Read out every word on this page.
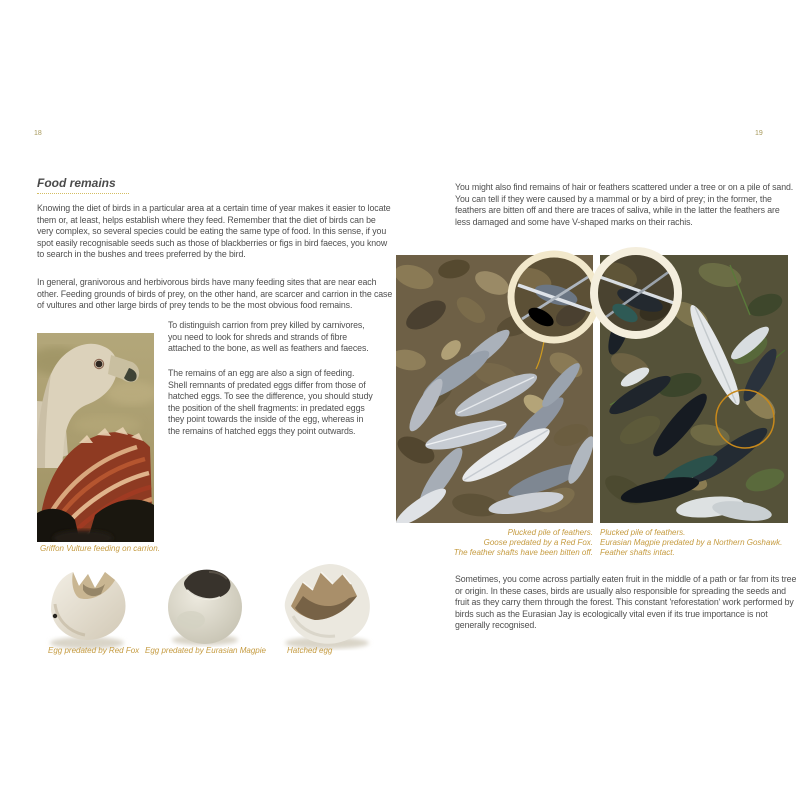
18
Food remains
Knowing the diet of birds in a particular area at a certain time of year makes it easier to locate them or, at least, helps establish where they feed. Remember that the diet of birds can be very complex, so several species could be eating the same type of food. In this sense, if you spot easily recognisable seeds such as those of blackberries or figs in bird faeces, you know to search in the bushes and trees preferred by the bird.
In general, granivorous and herbivorous birds have many feeding sites that are near each other. Feeding grounds of birds of prey, on the other hand, are scarcer and carrion in the case of vultures and other large birds of prey tends to be the most obvious food remains.
Griffon Vulture feeding on carrion.
To distinguish carrion from prey killed by carnivores, you need to look for shreds and strands of fibre attached to the bone, as well as feathers and faeces.
The remains of an egg are also a sign of feeding. Shell remnants of predated eggs differ from those of hatched eggs. To see the difference, you should study the position of the shell fragments: in predated eggs they point towards the inside of the egg, whereas in the remains of hatched eggs they point outwards.
Egg predated by Red Fox Egg predated by Eurasian Magpie	Hatched egg
19
You might also find remains of hair or feathers scattered under a tree or on a pile of sand. You can tell if they were caused by a mammal or by a bird of prey; in the former, the feathers are bitten off and there are traces of saliva, while in the latter the feathers are less damaged and some have V-shaped marks on their rachis.
Plucked pile of feathers.
Goose predated by a Red Fox.
The feather shafts have been bitten off.
Plucked pile of feathers.
Eurasian Magpie predated by a Northern Goshawk.
Feather shafts intact.
Sometimes, you come across partially eaten fruit in the middle of a path or far from its tree or origin. In these cases, birds are usually also responsible for spreading the seeds and fruit as they carry them through the forest. This constant 'reforestation' work performed by birds such as the Eurasian Jay is ecologically vital even if its true importance is not generally recognised.
